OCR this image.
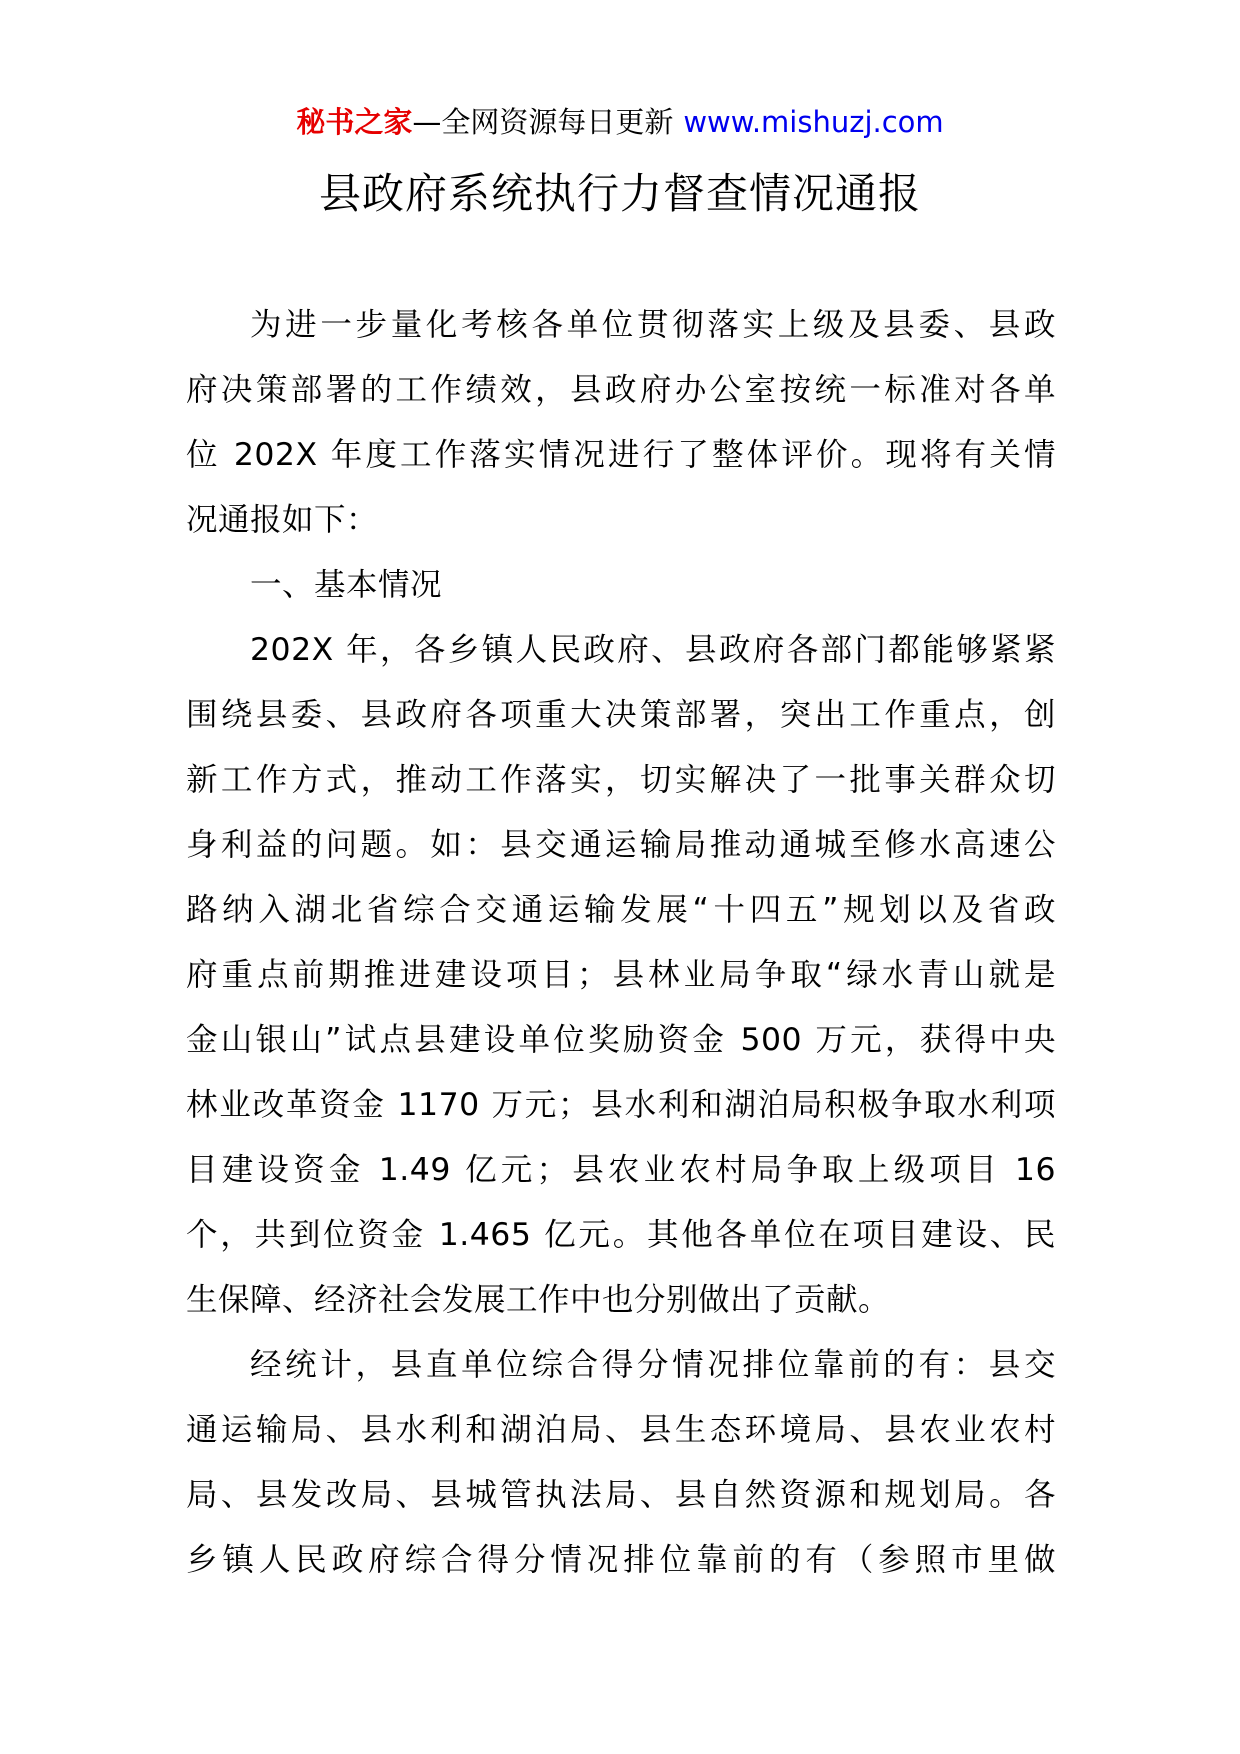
秘书之家—全网资源每日更新 www.mishuzj.com
县政府系统执行力督查情况通报
为进一步量化考核各单位贯彻落实上级及县委、县政
府决策部署的工作绩效，县政府办公室按统一标准对各单
位 202X 年度工作落实情况进行了整体评价。现将有关情
况通报如下：
一、基本情况
202X 年，各乡镇人民政府、县政府各部门都能够紧紧
围绕县委、县政府各项重大决策部署，突出工作重点，创
新工作方式，推动工作落实，切实解决了一批事关群众切
身利益的问题。如：县交通运输局推动通城至修水高速公
路纳入湖北省综合交通运输发展“十四五”规划以及省政
府重点前期推进建设项目；县林业局争取“绿水青山就是
金山银山”试点县建设单位奖励资金 500 万元，获得中央
林业改革资金 1170 万元；县水利和湖泊局积极争取水利项
目建设资金 1.49 亿元；县农业农村局争取上级项目 16
个，共到位资金 1.465 亿元。其他各单位在项目建设、民
生保障、经济社会发展工作中也分别做出了贡献。
经统计，县直单位综合得分情况排位靠前的有：县交
通运输局、县水利和湖泊局、县生态环境局、县农业农村
局、县发改局、县城管执法局、县自然资源和规划局。各
乡镇人民政府综合得分情况排位靠前的有（参照市里做
